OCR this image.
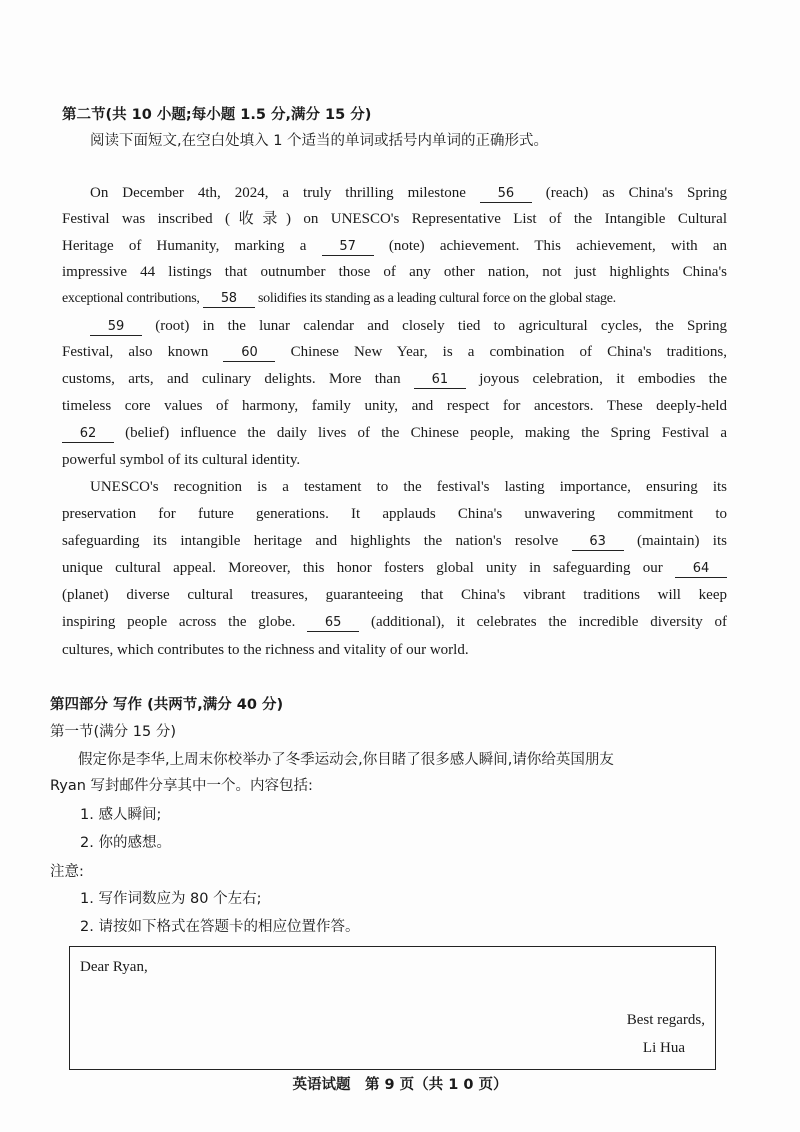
第二节(共 10 小题;每小题 1.5 分,满分 15 分)
阅读下面短文,在空白处填入 1 个适当的单词或括号内单词的正确形式。
On December 4th, 2024, a truly thrilling milestone 56 (reach) as China's Spring
Festival was inscribed (收录) on UNESCO's Representative List of the Intangible Cultural
Heritage of Humanity, marking a 57 (note) achievement. This achievement, with an
impressive 44 listings that outnumber those of any other nation, not just highlights China's
exceptional contributions, 58 solidifies its standing as a leading cultural force on the global stage.
59 (root) in the lunar calendar and closely tied to agricultural cycles, the Spring
Festival, also known 60 Chinese New Year, is a combination of China's traditions,
customs, arts, and culinary delights. More than 61 joyous celebration, it embodies the
timeless core values of harmony, family unity, and respect for ancestors. These deeply-held
62 (belief) influence the daily lives of the Chinese people, making the Spring Festival a
powerful symbol of its cultural identity.
UNESCO's recognition is a testament to the festival's lasting importance, ensuring its
preservation for future generations. It applauds China's unwavering commitment to
safeguarding its intangible heritage and highlights the nation's resolve 63 (maintain) its
unique cultural appeal. Moreover, this honor fosters global unity in safeguarding our 64
(planet) diverse cultural treasures, guaranteeing that China's vibrant traditions will keep
inspiring people across the globe. 65 (additional), it celebrates the incredible diversity of
cultures, which contributes to the richness and vitality of our world.
第四部分 写作 (共两节,满分 40 分)
第一节(满分 15 分)
假定你是李华,上周末你校举办了冬季运动会,你目睹了很多感人瞬间,请你给英国朋友
Ryan 写封邮件分享其中一个。内容包括:
1. 感人瞬间;
2. 你的感想。
注意:
1. 写作词数应为 80 个左右;
2. 请按如下格式在答题卡的相应位置作答。
Dear Ryan,
Best regards,
Li Hua
英语试题　第 9 页（共 1 0 页）
